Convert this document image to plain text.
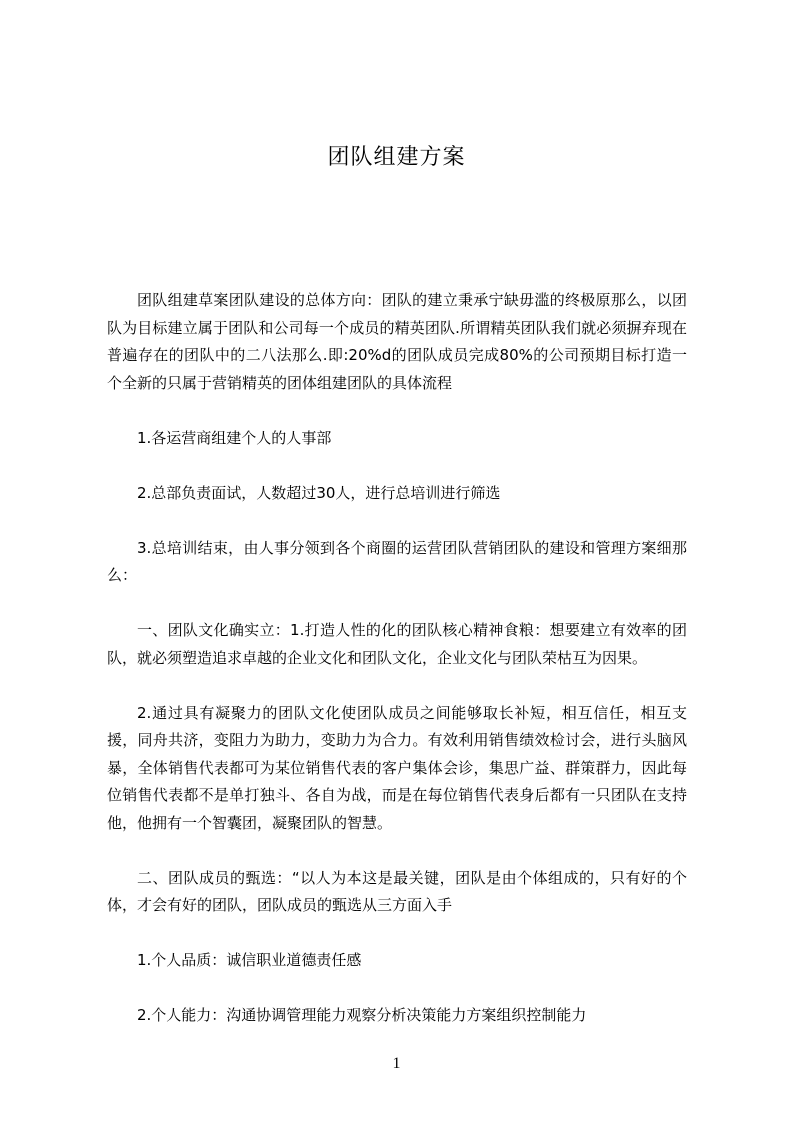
团队组建方案

团队组建草案团队建设的总体方向：团队的建立秉承宁缺毋滥的终极原那么，以团队为目标建立属于团队和公司每一个成员的精英团队.所谓精英团队我们就必须摒弃现在普遍存在的团队中的二八法那么.即:20%d的团队成员完成80%的公司预期目标打造一个全新的只属于营销精英的团体组建团队的具体流程

1.各运营商组建个人的人事部

2.总部负责面试，人数超过30人，进行总培训进行筛选

3.总培训结束，由人事分领到各个商圈的运营团队营销团队的建设和管理方案细那么：

一、团队文化确实立：1.打造人性的化的团队核心精神食粮：想要建立有效率的团队，就必须塑造追求卓越的企业文化和团队文化，企业文化与团队荣枯互为因果。

2.通过具有凝聚力的团队文化使团队成员之间能够取长补短，相互信任，相互支援，同舟共济，变阻力为助力，变助力为合力。有效利用销售绩效检讨会，进行头脑风暴，全体销售代表都可为某位销售代表的客户集体会诊，集思广益、群策群力，因此每位销售代表都不是单打独斗、各自为战，而是在每位销售代表身后都有一只团队在支持他，他拥有一个智囊团，凝聚团队的智慧。

二、团队成员的甄选：“以人为本这是最关键，团队是由个体组成的，只有好的个体，才会有好的团队，团队成员的甄选从三方面入手

1.个人品质：诚信职业道德责任感

2.个人能力：沟通协调管理能力观察分析决策能力方案组织控制能力

1
